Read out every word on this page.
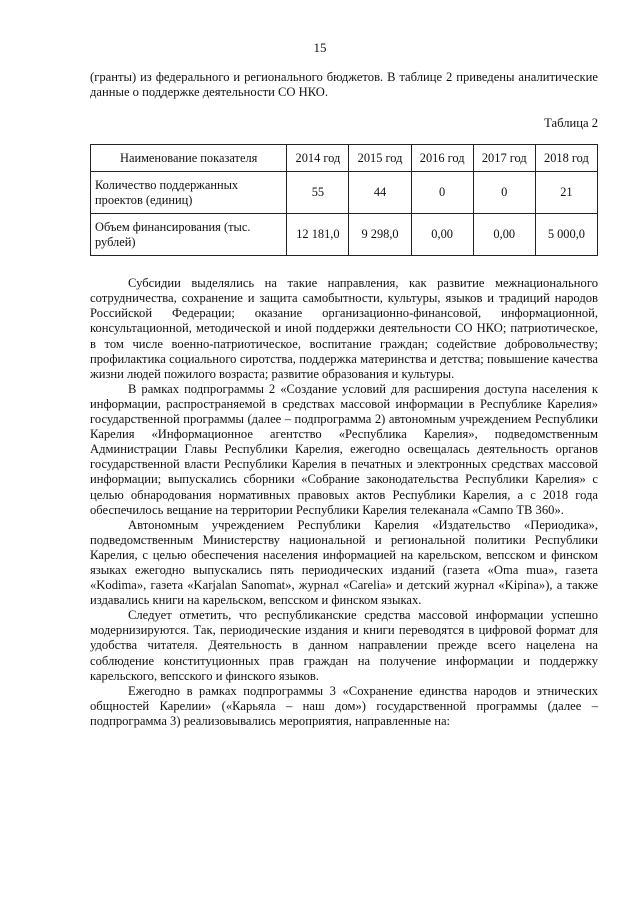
15

(гранты) из федерального и регионального бюджетов. В таблице 2 приведены аналитические данные о поддержке деятельности СО НКО.

Таблица 2
Наименование показателя	2014 год	2015 год	2016 год	2017 год	2018 год
Количество поддержанных проектов (единиц)	55	44	0	0	21
Объем финансирования (тыс. рублей)	12 181,0	9 298,0	0,00	0,00	5 000,0

Субсидии выделялись на такие направления, как развитие межнационального сотрудничества, сохранение и защита самобытности, культуры, языков и традиций народов Российской Федерации; оказание организационно-финансовой, информационной, консультационной, методической и иной поддержки деятельности СО НКО; патриотическое, в том числе военно-патриотическое, воспитание граждан; содействие добровольчеству; профилактика социального сиротства, поддержка материнства и детства; повышение качества жизни людей пожилого возраста; развитие образования и культуры.

В рамках подпрограммы 2 «Создание условий для расширения доступа населения к информации, распространяемой в средствах массовой информации в Республике Карелия» государственной программы (далее – подпрограмма 2) автономным учреждением Республики Карелия «Информационное агентство «Республика Карелия», подведомственным Администрации Главы Республики Карелия, ежегодно освещалась деятельность органов государственной власти Республики Карелия в печатных и электронных средствах массовой информации; выпускались сборники «Собрание законодательства Республики Карелия» с целью обнародования нормативных правовых актов Республики Карелия, а с 2018 года обеспечилось вещание на территории Республики Карелия телеканала «Сампо ТВ 360».

Автономным учреждением Республики Карелия «Издательство «Периодика», подведомственным Министерству национальной и региональной политики Республики Карелия, с целью обеспечения населения информацией на карельском, вепсском и финском языках ежегодно выпускались пять периодических изданий (газета «Oma mua», газета «Kodima», газета «Karjalan Sanomat», журнал «Carelia» и детский журнал «Kipina»), а также издавались книги на карельском, вепсском и финском языках.

Следует отметить, что республиканские средства массовой информации успешно модернизируются. Так, периодические издания и книги переводятся в цифровой формат для удобства читателя. Деятельность в данном направлении прежде всего нацелена на соблюдение конституционных прав граждан на получение информации и поддержку карельского, вепсского и финского языков.

Ежегодно в рамках подпрограммы 3 «Сохранение единства народов и этнических общностей Карелии» («Карьяла – наш дом») государственной программы (далее – подпрограмма 3) реализовывались мероприятия, направленные на:
